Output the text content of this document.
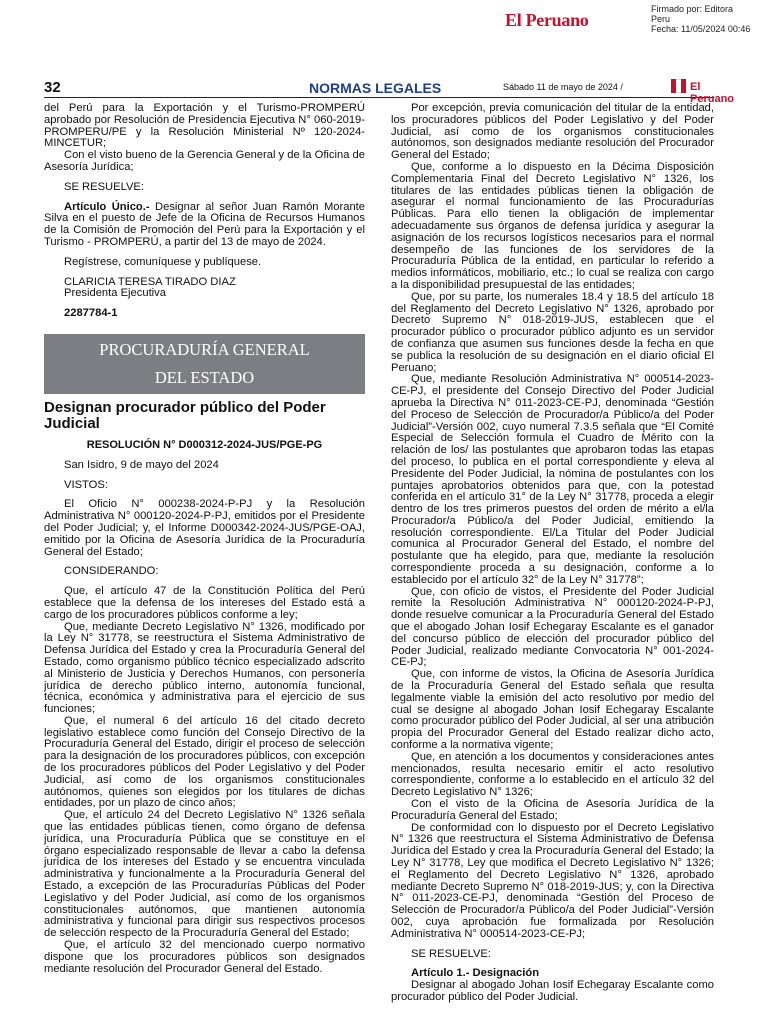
El Peruano
Firmado por: Editora
Peru
Fecha: 11/05/2024 00:46
32	NORMAS LEGALES	Sábado 11 de mayo de 2024 /	El Peruano

del Perú para la Exportación y el Turismo-PROMPERÚ aprobado por Resolución de Presidencia Ejecutiva N° 060-2019-PROMPERU/PE y la Resolución Ministerial Nº 120-2024-MINCETUR;

Con el visto bueno de la Gerencia General y de la Oficina de Asesoría Jurídica;

SE RESUELVE:

Artículo Único.- Designar al señor Juan Ramón Morante Silva en el puesto de Jefe de la Oficina de Recursos Humanos de la Comisión de Promoción del Perú para la Exportación y el Turismo - PROMPERÚ, a partir del 13 de mayo de 2024.

Regístrese, comuníquese y publíquese.

CLARICIA TERESA TIRADO DIAZ

Presidenta Ejecutiva

2287784-1

PROCURADURÍA GENERAL
DEL ESTADO

Designan procurador público del Poder Judicial

RESOLUCIÓN N° D000312-2024-JUS/PGE-PG

San Isidro, 9 de mayo del 2024

VISTOS:

El Oficio N° 000238-2024-P-PJ y la Resolución Administrativa N° 000120-2024-P-PJ, emitidos por el Presidente del Poder Judicial; y, el Informe D000342-2024-JUS/PGE-OAJ, emitido por la Oficina de Asesoría Jurídica de la Procuraduría General del Estado;

CONSIDERANDO:

Que, el artículo 47 de la Constitución Política del Perú establece que la defensa de los intereses del Estado está a cargo de los procuradores públicos conforme a ley;

Que, mediante Decreto Legislativo N° 1326, modificado por la Ley N° 31778, se reestructura el Sistema Administrativo de Defensa Jurídica del Estado y crea la Procuraduría General del Estado, como organismo público técnico especializado adscrito al Ministerio de Justicia y Derechos Humanos, con personería jurídica de derecho público interno, autonomía funcional, técnica, económica y administrativa para el ejercicio de sus funciones;

Que, el numeral 6 del artículo 16 del citado decreto legislativo establece como función del Consejo Directivo de la Procuraduría General del Estado, dirigir el proceso de selección para la designación de los procuradores públicos, con excepción de los procuradores públicos del Poder Legislativo y del Poder Judicial, así como de los organismos constitucionales autónomos, quienes son elegidos por los titulares de dichas entidades, por un plazo de cinco años;

Que, el artículo 24 del Decreto Legislativo N° 1326 señala que las entidades públicas tienen, como órgano de defensa jurídica, una Procuraduría Pública que se constituye en el órgano especializado responsable de llevar a cabo la defensa jurídica de los intereses del Estado y se encuentra vinculada administrativa y funcionalmente a la Procuraduría General del Estado, a excepción de las Procuradurías Públicas del Poder Legislativo y del Poder Judicial, así como de los organismos constitucionales autónomos, que mantienen autonomía administrativa y funcional para dirigir sus respectivos procesos de selección respecto de la Procuraduría General del Estado;

Que, el artículo 32 del mencionado cuerpo normativo dispone que los procuradores públicos son designados mediante resolución del Procurador General del Estado.

Por excepción, previa comunicación del titular de la entidad, los procuradores públicos del Poder Legislativo y del Poder Judicial, así como de los organismos constitucionales autónomos, son designados mediante resolución del Procurador General del Estado;

Que, conforme a lo dispuesto en la Décima Disposición Complementaria Final del Decreto Legislativo N° 1326, los titulares de las entidades públicas tienen la obligación de asegurar el normal funcionamiento de las Procuradurías Públicas. Para ello tienen la obligación de implementar adecuadamente sus órganos de defensa jurídica y asegurar la asignación de los recursos logísticos necesarios para el normal desempeño de las funciones de los servidores de la Procuraduría Pública de la entidad, en particular lo referido a medios informáticos, mobiliario, etc.; lo cual se realiza con cargo a la disponibilidad presupuestal de las entidades;

Que, por su parte, los numerales 18.4 y 18.5 del artículo 18 del Reglamento del Decreto Legislativo N° 1326, aprobado por Decreto Supremo N° 018-2019-JUS, establecen que el procurador público o procurador público adjunto es un servidor de confianza que asumen sus funciones desde la fecha en que se publica la resolución de su designación en el diario oficial El Peruano;

Que, mediante Resolución Administrativa N° 000514-2023-CE-PJ, el presidente del Consejo Directivo del Poder Judicial aprueba la Directiva N° 011-2023-CE-PJ, denominada “Gestión del Proceso de Selección de Procurador/a Público/a del Poder Judicial”-Versión 002, cuyo numeral 7.3.5 señala que “El Comité Especial de Selección formula el Cuadro de Mérito con la relación de los/ las postulantes que aprobaron todas las etapas del proceso, lo publica en el portal correspondiente y eleva al Presidente del Poder Judicial, la nómina de postulantes con los puntajes aprobatorios obtenidos para que, con la potestad conferida en el artículo 31° de la Ley N° 31778, proceda a elegir dentro de los tres primeros puestos del orden de mérito a el/la Procurador/a Público/a del Poder Judicial, emitiendo la resolución correspondiente. El/La Titular del Poder Judicial comunica al Procurador General del Estado, el nombre del postulante que ha elegido, para que, mediante la resolución correspondiente proceda a su designación, conforme a lo establecido por el artículo 32° de la Ley N° 31778”;

Que, con oficio de vistos, el Presidente del Poder Judicial remite la Resolución Administrativa N° 000120-2024-P-PJ, donde resuelve comunicar a la Procuraduría General del Estado que el abogado Johan Iosif Echegaray Escalante es el ganador del concurso público de elección del procurador público del Poder Judicial, realizado mediante Convocatoria N° 001-2024-CE-PJ;

Que, con informe de vistos, la Oficina de Asesoría Jurídica de la Procuraduría General del Estado señala que resulta legalmente viable la emisión del acto resolutivo por medio del cual se designe al abogado Johan Iosif Echegaray Escalante como procurador público del Poder Judicial, al ser una atribución propia del Procurador General del Estado realizar dicho acto, conforme a la normativa vigente;

Que, en atención a los documentos y consideraciones antes mencionados, resulta necesario emitir el acto resolutivo correspondiente, conforme a lo establecido en el artículo 32 del Decreto Legislativo N° 1326;

Con el visto de la Oficina de Asesoría Jurídica de la Procuraduría General del Estado;

De conformidad con lo dispuesto por el Decreto Legislativo N° 1326 que reestructura el Sistema Administrativo de Defensa Jurídica del Estado y crea la Procuraduría General del Estado; la Ley N° 31778, Ley que modifica el Decreto Legislativo N° 1326; el Reglamento del Decreto Legislativo N° 1326, aprobado mediante Decreto Supremo N° 018-2019-JUS; y, con la Directiva N° 011-2023-CE-PJ, denominada “Gestión del Proceso de Selección de Procurador/a Público/a del Poder Judicial”-Versión 002, cuya aprobación fue formalizada por Resolución Administrativa N° 000514-2023-CE-PJ;

SE RESUELVE:

Artículo 1.- Designación

Designar al abogado Johan Iosif Echegaray Escalante como procurador público del Poder Judicial.
